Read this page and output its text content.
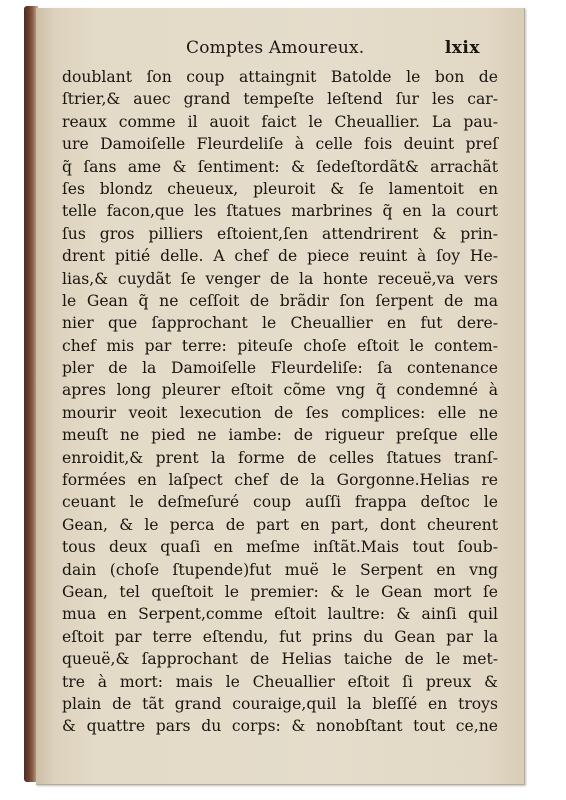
Comptes Amoureux.	lxix
doublant ſon coup attaingnit Batolde le bon de
ſtrier,& auec grand tempeſte leſtend ſur les car-
reaux comme il auoit faict le Cheuallier. La pau-
ure Damoiſelle Fleurdeliſe à celle fois deuint preſ
q̃ ſans ame & ſentiment: & ſedeſtordãt& arrachãt
ſes blondz cheueux, pleuroit & ſe lamentoit en
telle facon,que les ſtatues marbrines q̃ en la court
ſus gros pilliers eſtoient,ſen attendrirent & prin-
drent pitié delle. A chef de piece reuint à ſoy He-
lias,& cuydãt ſe venger de la honte receuë,va vers
le Gean q̃ ne ceſſoit de brãdir ſon ſerpent de ma
nier que ſapprochant le Cheuallier en fut dere-
chef mis par terre: piteuſe choſe eſtoit le contem-
pler de la Damoiſelle Fleurdeliſe: ſa contenance
apres long pleurer eſtoit cõme vng q̃ condemné à
mourir veoit lexecution de ſes complices: elle ne
meuſt ne pied ne iambe: de rigueur preſque elle
enroidit,& prent la forme de celles ſtatues tranſ-
formées en laſpect chef de la Gorgonne.Helias re
ceuant le deſmeſuré coup auſſi frappa deſtoc le
Gean, & le perca de part en part, dont cheurent
tous deux quaſi en meſme inſtãt.Mais tout ſoub-
dain (choſe ſtupende)fut muë le Serpent en vng
Gean, tel queſtoit le premier: & le Gean mort ſe
mua en Serpent,comme eſtoit laultre: & ainſi quil
eſtoit par terre eſtendu, fut prins du Gean par la
queuë,& ſapprochant de Helias taiche de le met-
tre à mort: mais le Cheuallier eſtoit ſi preux &
plain de tãt grand couraige,quil la bleſſé en troys
& quattre pars du corps: & nonobſtant tout ce,ne
